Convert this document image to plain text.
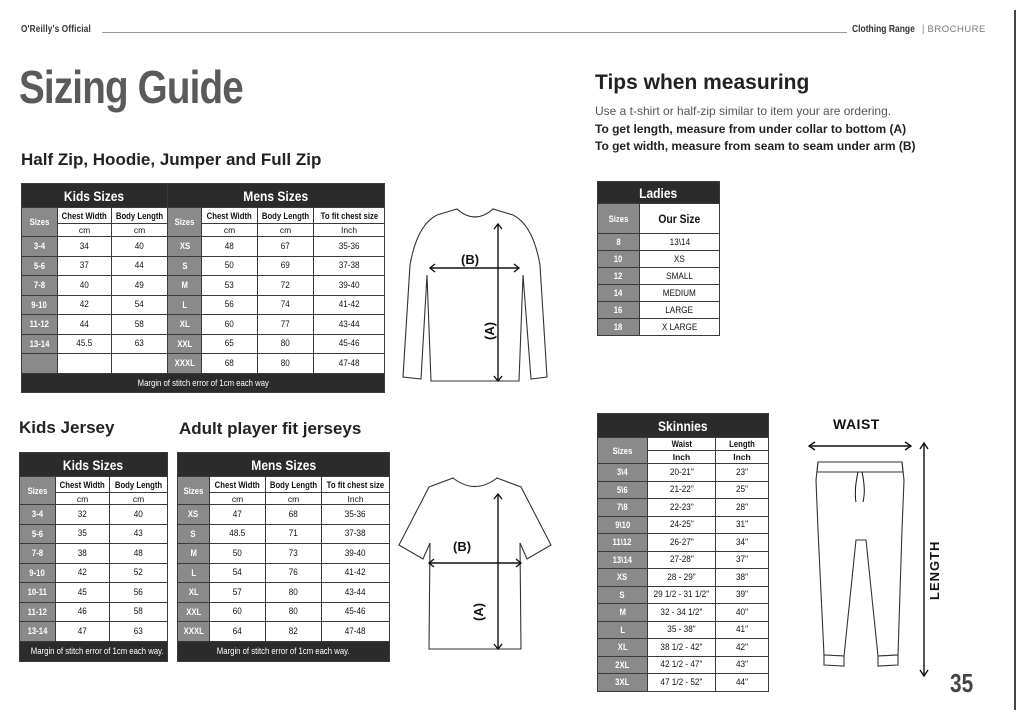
O'Reilly's Official	Clothing Range | BROCHURE
Sizing Guide
Half Zip, Hoodie, Jumper and Full Zip
Kids Jersey	Adult player fit jerseys
Tips when measuring
Use a t-shirt or half-zip similar to item your are ordering.
To get length, measure from under collar to bottom (A)
To get width, measure from seam to seam under arm (B)
Kids Sizes			Mens Sizes			
Sizes	Chest Width	Body Length	Sizes	Chest Width	Body Length	To fit chest size
	cm	cm		cm	cm	Inch
3-4	34	40	XS	48	67	35-36
5-6	37	44	S	50	69	37-38
7-8	40	49	M	53	72	39-40
9-10	42	54	L	56	74	41-42
11-12	44	58	XL	60	77	43-44
13-14	45.5	63	XXL	65	80	45-46
			XXXL	68	80	47-48
Margin of stitch error of 1cm each way						
Kids Sizes		
Sizes	Chest Width	Body Length
	cm	cm
3-4	32	40
5-6	35	43
7-8	38	48
9-10	42	52
10-11	45	56
11-12	46	58
13-14	47	63
Margin of stitch error of 1cm each way.		
Mens Sizes			
Sizes	Chest Width	Body Length	To fit chest size
	cm	cm	Inch
XS	47	68	35-36
S	48.5	71	37-38
M	50	73	39-40
L	54	76	41-42
XL	57	80	43-44
XXL	60	80	45-46
XXXL	64	82	47-48
Margin of stitch error of 1cm each way.			
Ladies	
Sizes	Our Size
8	13\14
10	XS
12	SMALL
14	MEDIUM
16	LARGE
18	X LARGE
Skinnies		
Sizes	Waist	Length
	Inch	Inch
3\4	20-21"	23"
5\6	21-22"	25"
7\8	22-23"	28"
9\10	24-25"	31"
11\12	26-27"	34"
13\14	27-28"	37"
XS	28 - 29"	38"
S	29 1/2 - 31 1/2"	39"
M	32 - 34 1/2"	40"
L	35 - 38"	41"
XL	38 1/2 - 42"	42"
2XL	42 1/2 - 47"	43"
3XL	47 1/2 - 52"	44"
(B)
(A)
(B)
(A)
WAIST
LENGTH
35
